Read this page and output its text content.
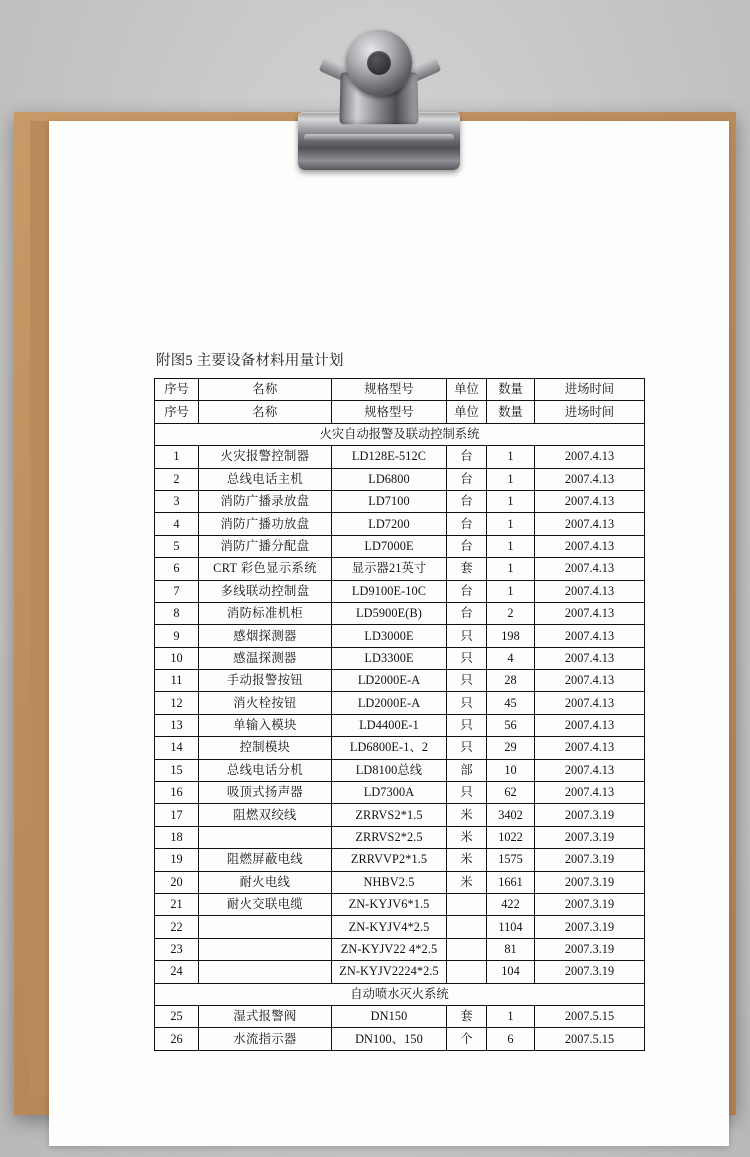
附图5 主要设备材料用量计划
序号	名称	规格型号	单位	数量	进场时间
序号	名称	规格型号	单位	数量	进场时间
火灾自动报警及联动控制系统					
1	火灾报警控制器	LD128E-512C	台	1	2007.4.13
2	总线电话主机	LD6800	台	1	2007.4.13
3	消防广播录放盘	LD7100	台	1	2007.4.13
4	消防广播功放盘	LD7200	台	1	2007.4.13
5	消防广播分配盘	LD7000E	台	1	2007.4.13
6	CRT 彩色显示系统	显示器21英寸	套	1	2007.4.13
7	多线联动控制盘	LD9100E-10C	台	1	2007.4.13
8	消防标准机柜	LD5900E(B)	台	2	2007.4.13
9	感烟探测器	LD3000E	只	198	2007.4.13
10	感温探测器	LD3300E	只	4	2007.4.13
11	手动报警按钮	LD2000E-A	只	28	2007.4.13
12	消火栓按钮	LD2000E-A	只	45	2007.4.13
13	单输入模块	LD4400E-1	只	56	2007.4.13
14	控制模块	LD6800E-1、2	只	29	2007.4.13
15	总线电话分机	LD8100总线	部	10	2007.4.13
16	吸顶式扬声器	LD7300A	只	62	2007.4.13
17	阻燃双绞线	ZRRVS2*1.5	米	3402	2007.3.19
18		ZRRVS2*2.5	米	1022	2007.3.19
19	阻燃屏蔽电线	ZRRVVP2*1.5	米	1575	2007.3.19
20	耐火电线	NHBV2.5	米	1661	2007.3.19
21	耐火交联电缆	ZN-KYJV6*1.5		422	2007.3.19
22		ZN-KYJV4*2.5		1104	2007.3.19
23		ZN-KYJV22 4*2.5		81	2007.3.19
24		ZN-KYJV2224*2.5		104	2007.3.19
自动喷水灭火系统					
25	湿式报警阀	DN150	套	1	2007.5.15
26	水流指示器	DN100、150	个	6	2007.5.15
